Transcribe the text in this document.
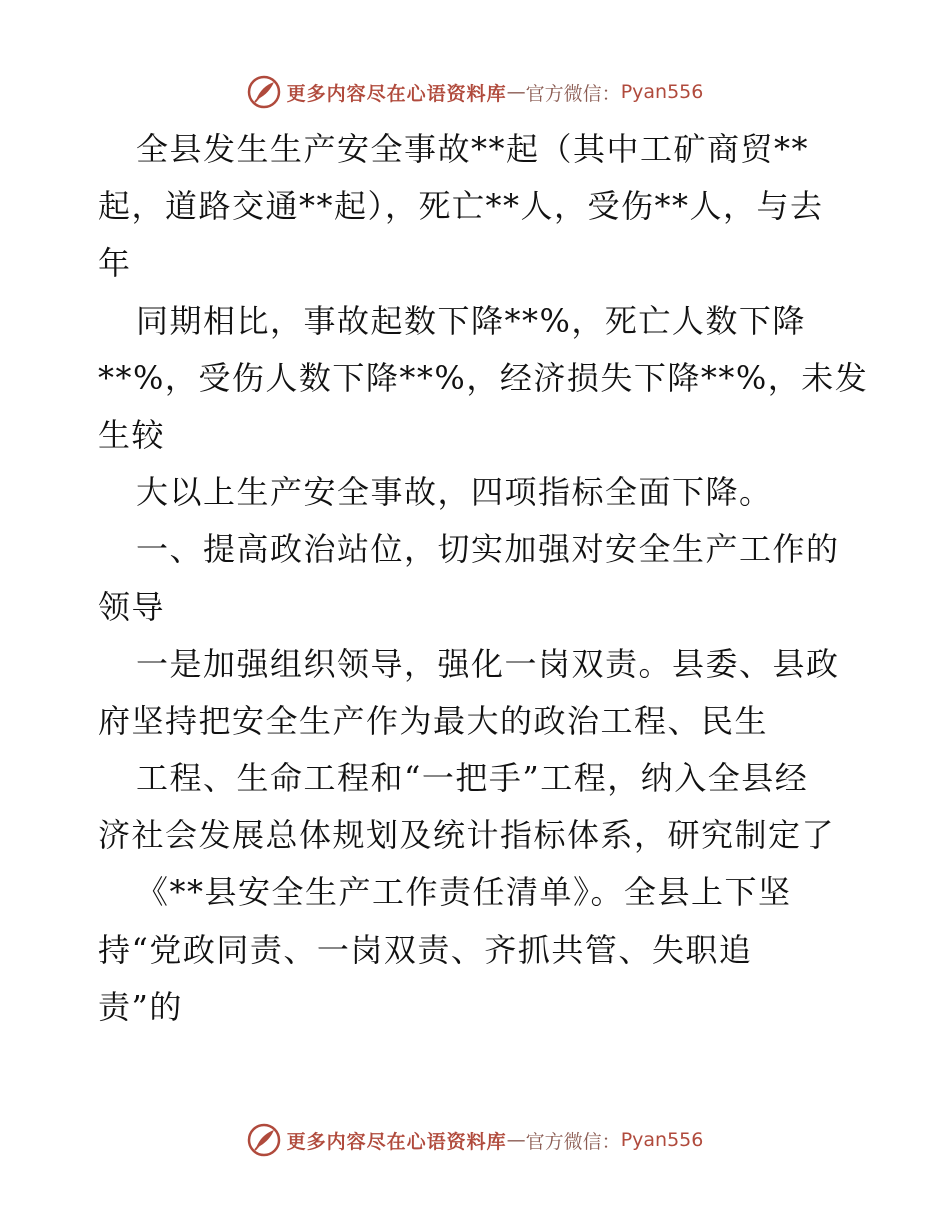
更多内容尽在心语资料库 — 官方微信： Pyan556
全县发生生产安全事故**起（其中工矿商贸**
起，道路交通**起），死亡**人，受伤**人，与去
年
同期相比，事故起数下降**%，死亡人数下降
**%，受伤人数下降**%，经济损失下降**%，未发
生较
大以上生产安全事故，四项指标全面下降。
一、提高政治站位，切实加强对安全生产工作的
领导
一是加强组织领导，强化一岗双责。县委、县政
府坚持把安全生产作为最大的政治工程、民生
工程、生命工程和“一把手”工程，纳入全县经
济社会发展总体规划及统计指标体系，研究制定了
《**县安全生产工作责任清单》。全县上下坚
持“党政同责、一岗双责、齐抓共管、失职追
责”的
更多内容尽在心语资料库 — 官方微信： Pyan556
